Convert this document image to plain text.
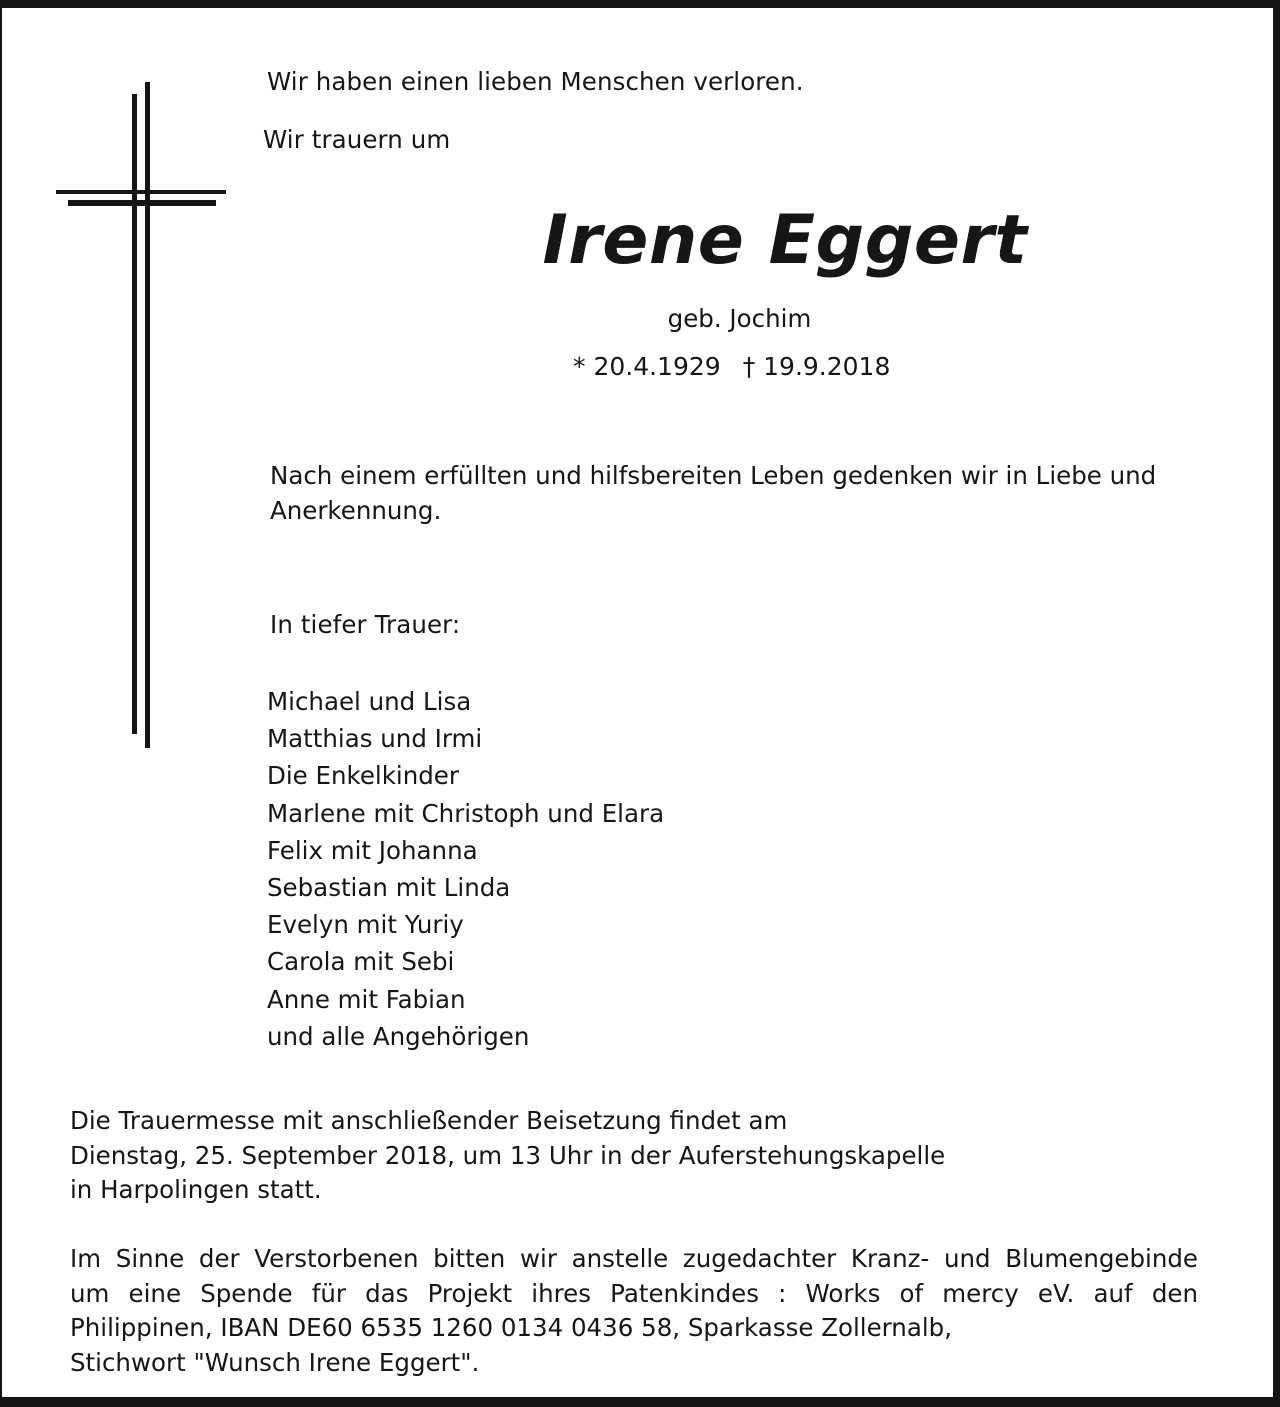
Wir haben einen lieben Menschen verloren.

Wir trauern um

Irene Eggert

geb. Jochim

* 20.4.1929 † 19.9.2018

Nach einem erfüllten und hilfsbereiten Leben gedenken wir in Liebe und
Anerkennung.

In tiefer Trauer:

Michael und Lisa
Matthias und Irmi
Die Enkelkinder
Marlene mit Christoph und Elara
Felix mit Johanna
Sebastian mit Linda
Evelyn mit Yuriy
Carola mit Sebi
Anne mit Fabian
und alle Angehörigen
Die Trauermesse mit anschließender Beisetzung findet am
Dienstag, 25. September 2018, um 13 Uhr in der Auferstehungskapelle
in Harpolingen statt.
Im Sinne der Verstorbenen bitten wir anstelle zugedachter Kranz- und Blumengebinde
um eine Spende für das Projekt ihres Patenkindes : Works of mercy eV. auf den
Philippinen, IBAN DE60 6535 1260 0134 0436 58, Sparkasse Zollernalb,
Stichwort "Wunsch Irene Eggert".
